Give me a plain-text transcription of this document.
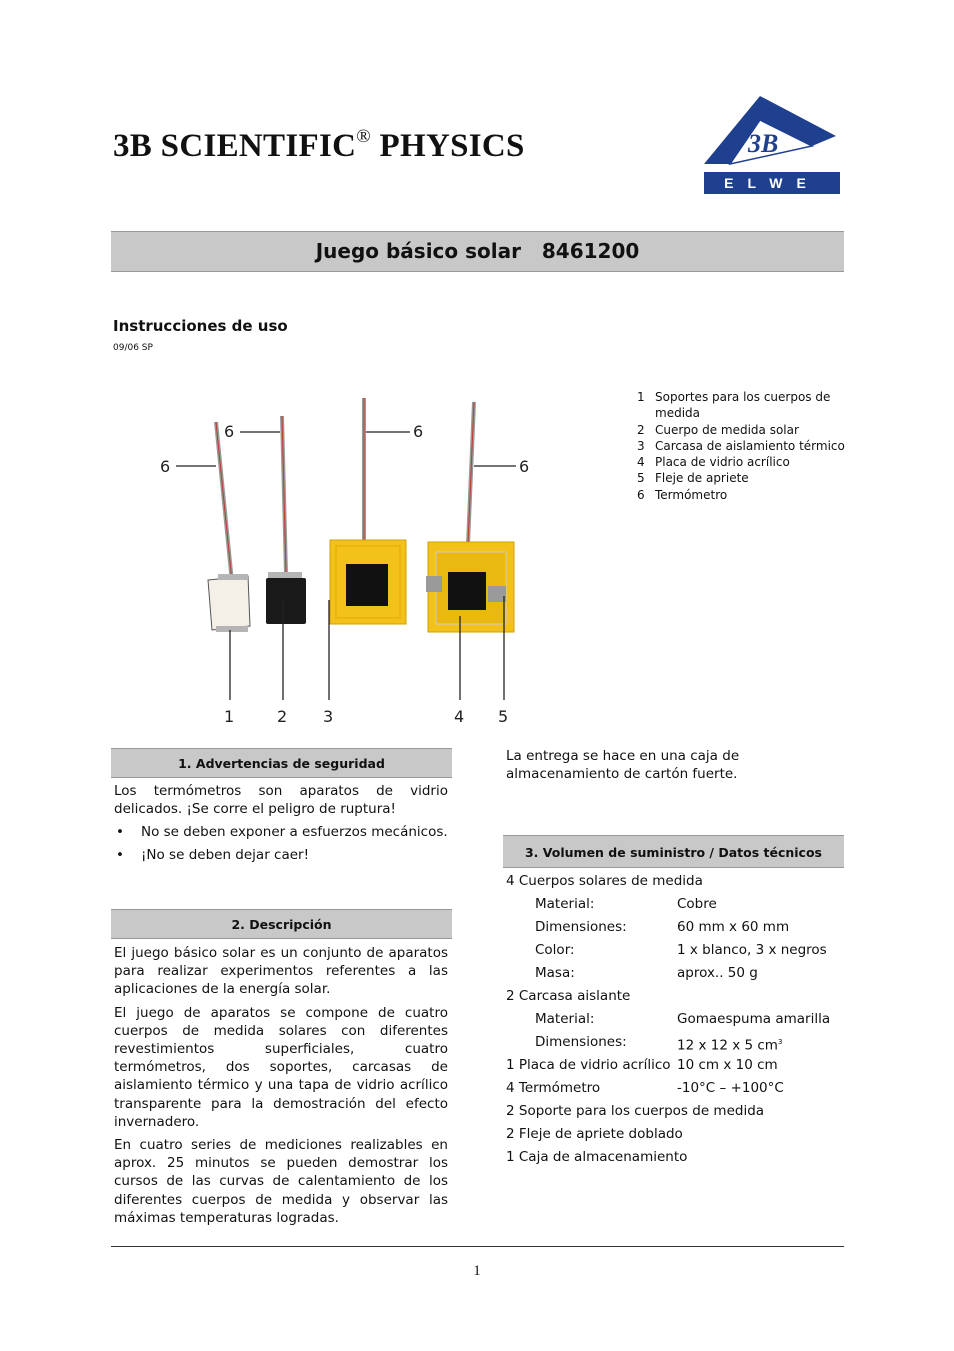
3B SCIENTIFIC® PHYSICS	3B
ELWE
Juego básico solar   8461200
Instrucciones de uso
09/06 SP
1 Soportes para los cuerpos de medida
2 Cuerpo de medida solar
3 Carcasa de aislamiento térmico
4 Placa de vidrio acrílico
5 Fleje de apriete
6 Termómetro
6
6
6
6
1	2 3	4 5
1. Advertencias de seguridad
Los termómetros son aparatos de vidrio delicados. ¡Se corre el peligro de ruptura!
•	No se deben exponer a esfuerzos mecánicos.
•	¡No se deben dejar caer!
2. Descripción
El juego básico solar es un conjunto de aparatos para realizar experimentos referentes a las aplicaciones de la energía solar.
El juego de aparatos se compone de cuatro cuerpos de medida solares con diferentes revestimientos superficiales, cuatro termómetros, dos soportes, carcasas de aislamiento térmico y una tapa de vidrio acrílico transparente para la demostración del efecto invernadero.
En cuatro series de mediciones realizables en aprox. 25 minutos se pueden demostrar los cursos de las curvas de calentamiento de los diferentes cuerpos de medida y observar las máximas temperaturas logradas.
La entrega se hace en una caja de almacenamiento de cartón fuerte.
3. Volumen de suministro / Datos técnicos
4 Cuerpos solares de medida
Material:	Cobre
Dimensiones:	60 mm x 60 mm
Color:	1 x blanco, 3 x negros
Masa:	aprox.. 50 g
2 Carcasa aislante
Material:	Gomaespuma amarilla
Dimensiones:	12 x 12 x 5 $cm^3$
1 Placa de vidrio acrílico 10 cm x 10 cm
4 Termómetro	-10°C – +100°C
2 Soporte para los cuerpos de medida
2 Fleje de apriete doblado
1 Caja de almacenamiento
1
